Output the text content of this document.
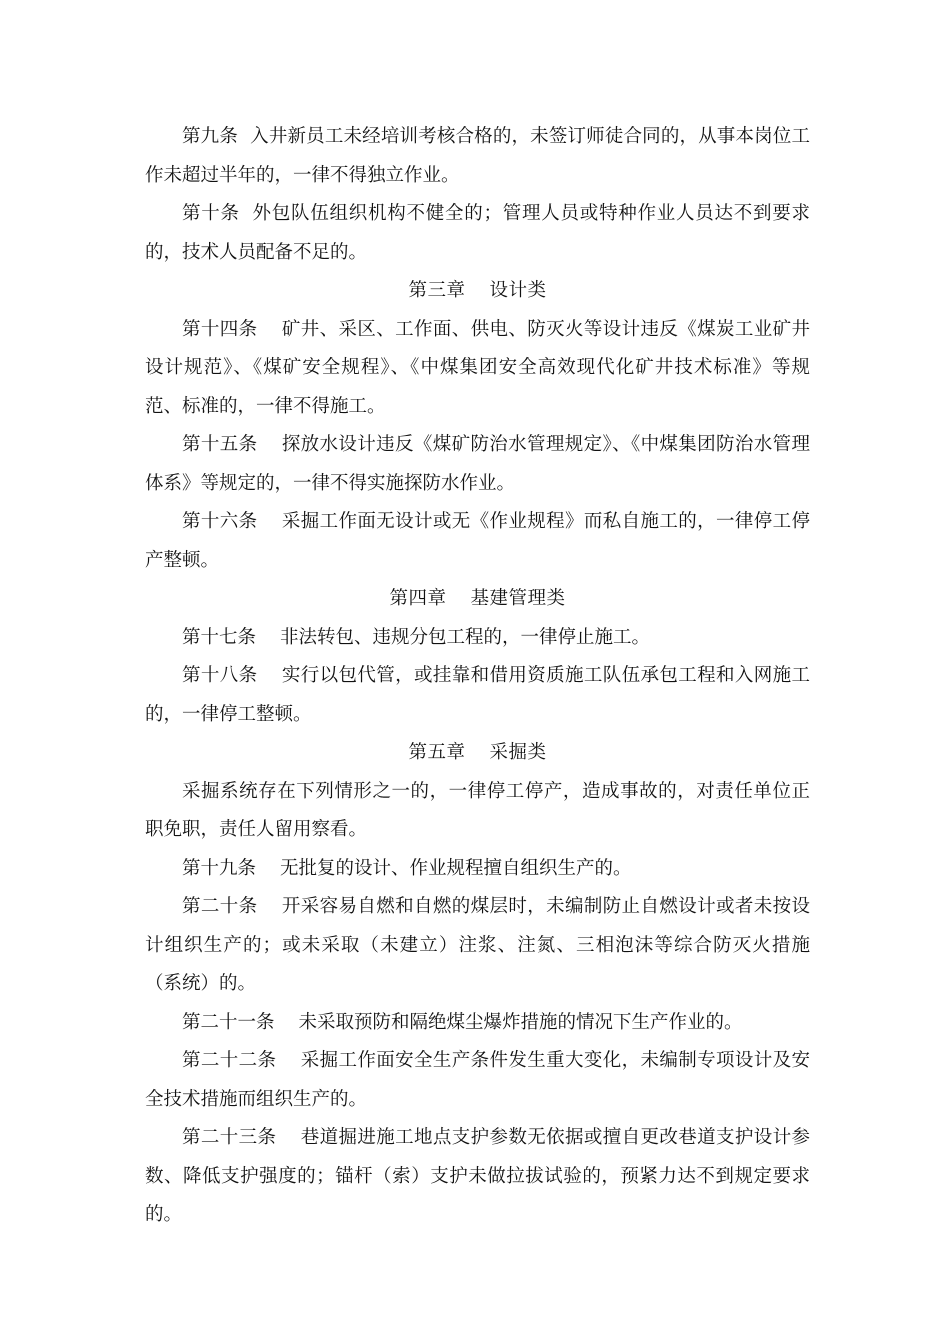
第九条 入井新员工未经培训考核合格的，未签订师徒合同的，从事本岗位工作未超过半年的，一律不得独立作业。

第十条 外包队伍组织机构不健全的；管理人员或特种作业人员达不到要求的，技术人员配备不足的。

第三章 设计类

第十四条 矿井、采区、工作面、供电、防灭火等设计违反《煤炭工业矿井设计规范》、《煤矿安全规程》、《中煤集团安全高效现代化矿井技术标准》等规范、标准的，一律不得施工。

第十五条 探放水设计违反《煤矿防治水管理规定》、《中煤集团防治水管理体系》等规定的，一律不得实施探防水作业。

第十六条 采掘工作面无设计或无《作业规程》而私自施工的，一律停工停产整顿。

第四章 基建管理类

第十七条 非法转包、违规分包工程的，一律停止施工。

第十八条 实行以包代管，或挂靠和借用资质施工队伍承包工程和入网施工的，一律停工整顿。

第五章 采掘类

采掘系统存在下列情形之一的，一律停工停产，造成事故的，对责任单位正职免职，责任人留用察看。

第十九条 无批复的设计、作业规程擅自组织生产的。

第二十条 开采容易自燃和自燃的煤层时，未编制防止自燃设计或者未按设计组织生产的；或未采取（未建立）注浆、注氮、三相泡沫等综合防灭火措施（系统）的。

第二十一条 未采取预防和隔绝煤尘爆炸措施的情况下生产作业的。

第二十二条 采掘工作面安全生产条件发生重大变化，未编制专项设计及安全技术措施而组织生产的。

第二十三条 巷道掘进施工地点支护参数无依据或擅自更改巷道支护设计参数、降低支护强度的；锚杆（索）支护未做拉拔试验的，预紧力达不到规定要求的。
